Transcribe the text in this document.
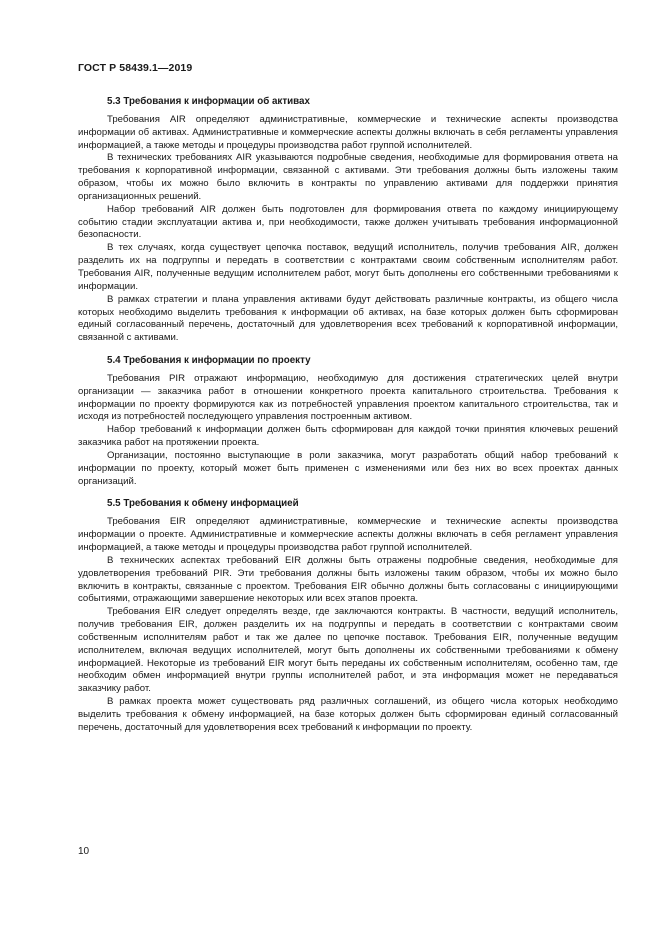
ГОСТ Р 58439.1—2019
5.3 Требования к информации об активах

Требования AIR определяют административные, коммерческие и технические аспекты производства информации об активах. Административные и коммерческие аспекты должны включать в себя регламенты управления информацией, а также методы и процедуры производства работ группой исполнителей.

В технических требованиях AIR указываются подробные сведения, необходимые для формирования ответа на требования к корпоративной информации, связанной с активами. Эти требования должны быть изложены таким образом, чтобы их можно было включить в контракты по управлению активами для поддержки принятия организационных решений.

Набор требований AIR должен быть подготовлен для формирования ответа по каждому инициирующему событию стадии эксплуатации актива и, при необходимости, также должен учитывать требования информационной безопасности.

В тех случаях, когда существует цепочка поставок, ведущий исполнитель, получив требования AIR, должен разделить их на подгруппы и передать в соответствии с контрактами своим собственным исполнителям работ. Требования AIR, полученные ведущим исполнителем работ, могут быть дополнены его собственными требованиями к информации.

В рамках стратегии и плана управления активами будут действовать различные контракты, из общего числа которых необходимо выделить требования к информации об активах, на базе которых должен быть сформирован единый согласованный перечень, достаточный для удовлетворения всех требований к корпоративной информации, связанной с активами.

5.4 Требования к информации по проекту

Требования PIR отражают информацию, необходимую для достижения стратегических целей внутри организации — заказчика работ в отношении конкретного проекта капитального строительства. Требования к информации по проекту формируются как из потребностей управления проектом капитального строительства, так и исходя из потребностей последующего управления построенным активом.

Набор требований к информации должен быть сформирован для каждой точки принятия ключевых решений заказчика работ на протяжении проекта.

Организации, постоянно выступающие в роли заказчика, могут разработать общий набор требований к информации по проекту, который может быть применен с изменениями или без них во всех проектах данных организаций.

5.5 Требования к обмену информацией

Требования EIR определяют административные, коммерческие и технические аспекты производства информации о проекте. Административные и коммерческие аспекты должны включать в себя регламент управления информацией, а также методы и процедуры производства работ группой исполнителей.

В технических аспектах требований EIR должны быть отражены подробные сведения, необходимые для удовлетворения требований PIR. Эти требования должны быть изложены таким образом, чтобы их можно было включить в контракты, связанные с проектом. Требования EIR обычно должны быть согласованы с инициирующими событиями, отражающими завершение некоторых или всех этапов проекта.

Требования EIR следует определять везде, где заключаются контракты. В частности, ведущий исполнитель, получив требования EIR, должен разделить их на подгруппы и передать в соответствии с контрактами своим собственным исполнителям работ и так же далее по цепочке поставок. Требования EIR, полученные ведущим исполнителем, включая ведущих исполнителей, могут быть дополнены их собственными требованиями к обмену информацией. Некоторые из требований EIR могут быть переданы их собственным исполнителям, особенно там, где необходим обмен информацией внутри группы исполнителей работ, и эта информация может не передаваться заказчику работ.

В рамках проекта может существовать ряд различных соглашений, из общего числа которых необходимо выделить требования к обмену информацией, на базе которых должен быть сформирован единый согласованный перечень, достаточный для удовлетворения всех требований к информации по проекту.

10
